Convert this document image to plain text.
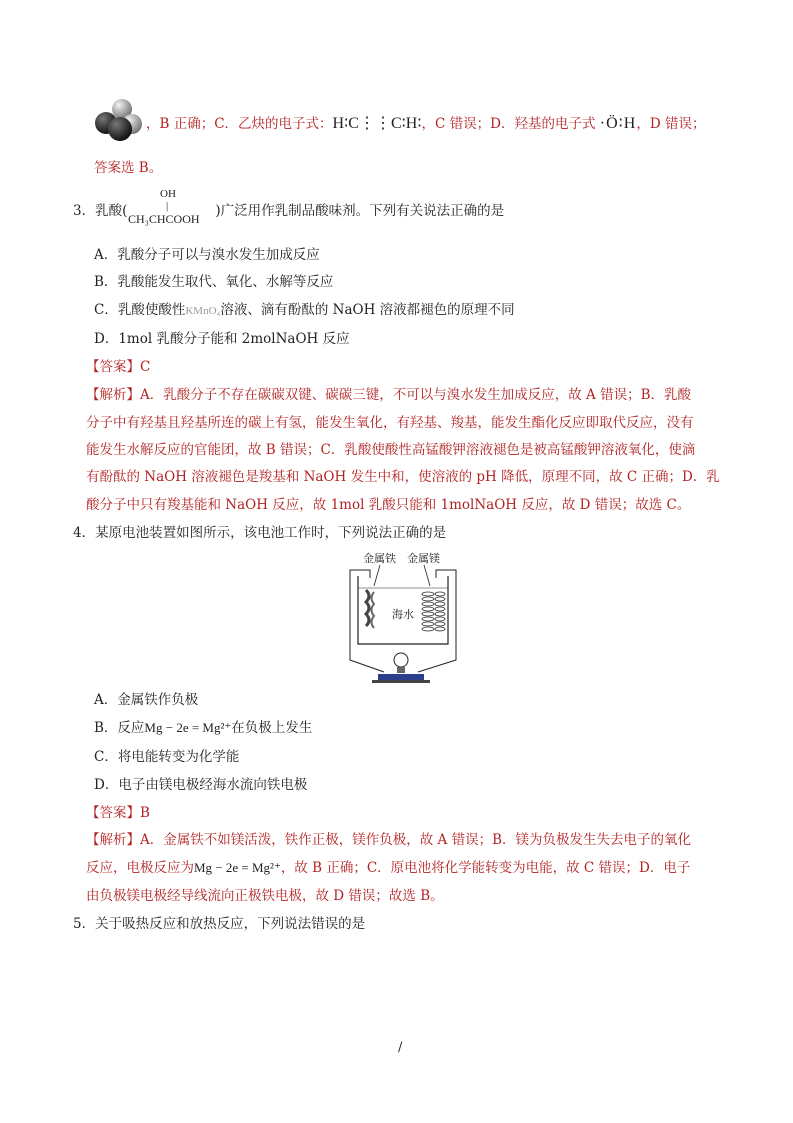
，B 正确；C．乙炔的电子式：H∶C⋮⋮C∶H∶，C 错误；D．羟基的电子式 ·Ö∶H，D 错误；
答案选 B。
3．乳酸(	)广泛用作乳制品酸味剂。下列有关说法正确的是
OH
|
CH₃CHCOOH
A．乳酸分子可以与溴水发生加成反应
B．乳酸能发生取代、氧化、水解等反应
C．乳酸使酸性KMnO₄溶液、滴有酚酞的 NaOH 溶液都褪色的原理不同
D．1mol 乳酸分子能和 2molNaOH 反应
【答案】C
【解析】A．乳酸分子不存在碳碳双键、碳碳三键，不可以与溴水发生加成反应，故 A 错误；B．乳酸
分子中有羟基且羟基所连的碳上有氢，能发生氧化，有羟基、羧基，能发生酯化反应即取代反应，没有
能发生水解反应的官能团，故 B 错误；C．乳酸使酸性高锰酸钾溶液褪色是被高锰酸钾溶液氧化，使滴
有酚酞的 NaOH 溶液褪色是羧基和 NaOH 发生中和，使溶液的 pH 降低，原理不同，故 C 正确；D．乳
酸分子中只有羧基能和 NaOH 反应，故 1mol 乳酸只能和 1molNaOH 反应，故 D 错误；故选 C。
4．某原电池装置如图所示，该电池工作时，下列说法正确的是
金属铁 金属镁
海水
A．金属铁作负极
B．反应Mg − 2e = Mg²⁺在负极上发生
C．将电能转变为化学能
D．电子由镁电极经海水流向铁电极
【答案】B
【解析】A．金属铁不如镁活泼，铁作正极，镁作负极，故 A 错误；B．镁为负极发生失去电子的氧化
反应，电极反应为Mg − 2e = Mg²⁺，故 B 正确；C．原电池将化学能转变为电能，故 C 错误；D．电子
由负极镁电极经导线流向正极铁电极，故 D 错误；故选 B。
5．关于吸热反应和放热反应，下列说法错误的是
/
